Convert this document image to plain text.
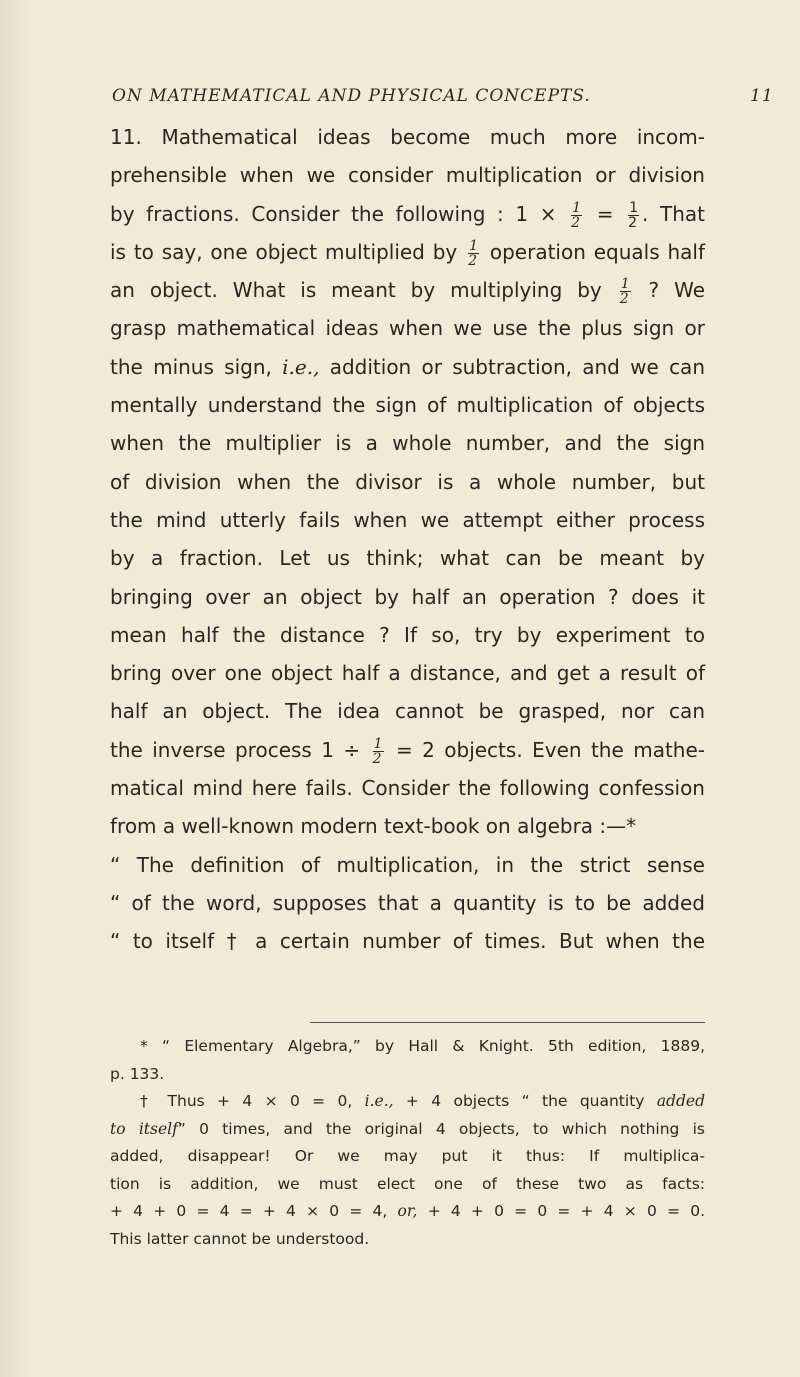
ON MATHEMATICAL AND PHYSICAL CONCEPTS.	11
11. Mathematical ideas become much more incom-
prehensible when we consider multiplication or division
by fractions. Consider the following : $1 \times \frac{1}{2} = \frac{1}{2}$ . That
is to say, one object multiplied by $\frac{1}{2}$ operation equals half
an object. What is meant by multiplying by $\frac{1}{2}$ ? We
grasp mathematical ideas when we use the plus sign or
the minus sign, i.e., addition or subtraction, and we can
mentally understand the sign of multiplication of objects
when the multiplier is a whole number, and the sign
of division when the divisor is a whole number, but
the mind utterly fails when we attempt either process
by a fraction. Let us think; what can be meant by
bringing over an object by half an operation ? does it
mean half the distance ? If so, try by experiment to
bring over one object half a distance, and get a result of
half an object. The idea cannot be grasped, nor can
the inverse process $1 \div \frac{1}{2} = 2$ objects. Even the mathe-
matical mind here fails. Consider the following confession
from a well-known modern text-book on algebra :—*
“ The definition of multiplication, in the strict sense
“ of the word, supposes that a quantity is to be added
“ to itself † a certain number of times. But when the
* “ Elementary Algebra,” by Hall & Knight. 5th edition, 1889,
p. 133.
† Thus + 4 × 0 = 0, i.e., + 4 objects “ the quantity added
to itself” 0 times, and the original 4 objects, to which nothing is
added, disappear! Or we may put it thus: If multiplica-
tion is addition, we must elect one of these two as facts:
+ 4 + 0 = 4 = + 4 × 0 = 4, or, + 4 + 0 = 0 = + 4 × 0 = 0.
This latter cannot be understood.
